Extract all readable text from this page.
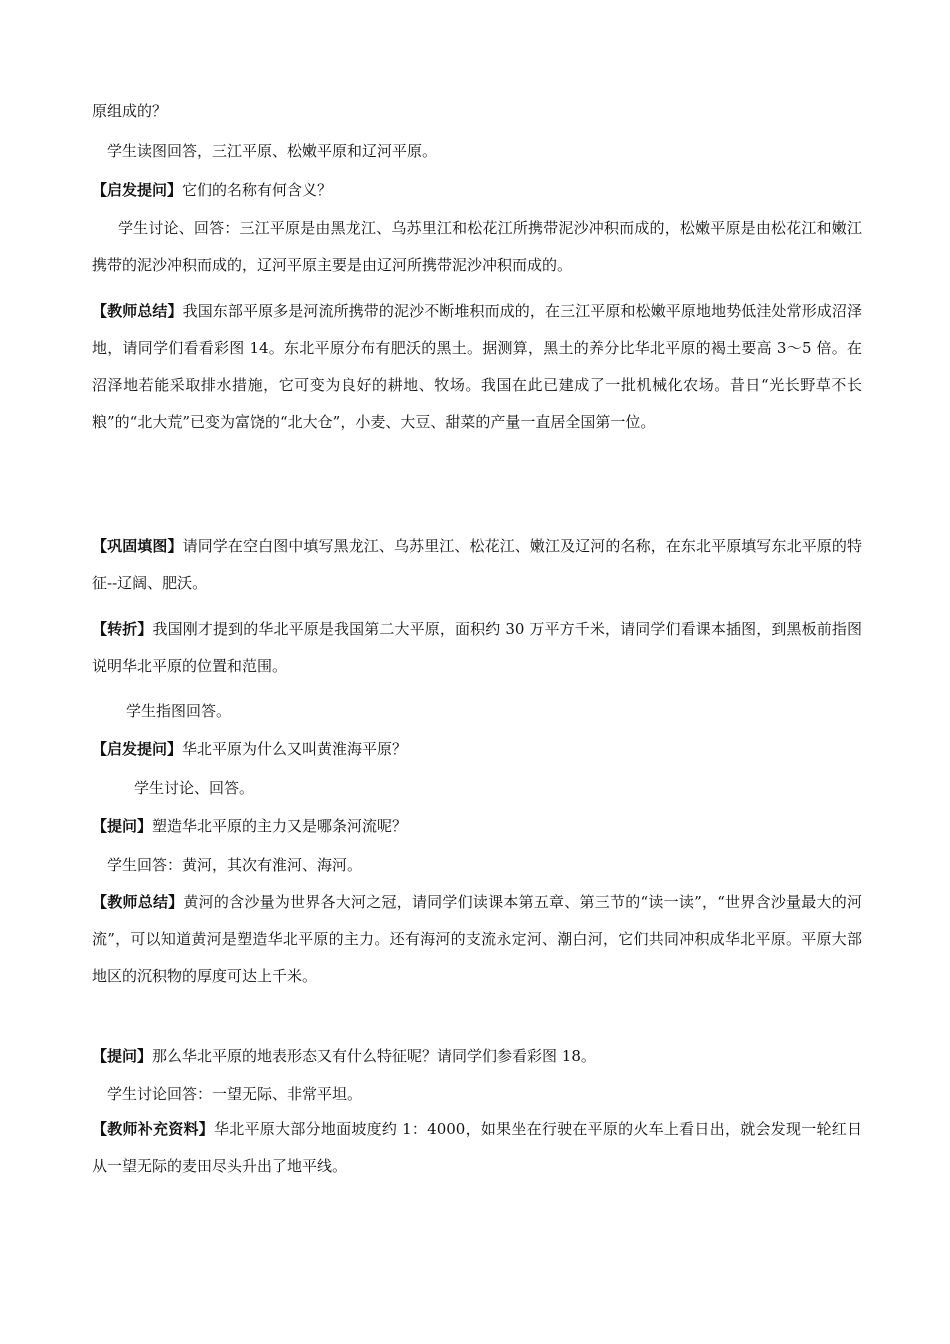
原组成的？

学生读图回答，三江平原、松嫩平原和辽河平原。

【启发提问】它们的名称有何含义？

学生讨论、回答：三江平原是由黑龙江、乌苏里江和松花江所携带泥沙冲积而成的，松嫩平原是由松花江和嫩江携带的泥沙冲积而成的，辽河平原主要是由辽河所携带泥沙冲积而成的。

【教师总结】我国东部平原多是河流所携带的泥沙不断堆积而成的，在三江平原和松嫩平原地地势低洼处常形成沼泽地，请同学们看看彩图 14。东北平原分布有肥沃的黑土。据测算，黑土的养分比华北平原的褐土要高 3～5 倍。在沼泽地若能采取排水措施，它可变为良好的耕地、牧场。我国在此已建成了一批机械化农场。昔日“光长野草不长粮”的“北大荒”已变为富饶的“北大仓”，小麦、大豆、甜菜的产量一直居全国第一位。

【巩固填图】请同学在空白图中填写黑龙江、乌苏里江、松花江、嫩江及辽河的名称，在东北平原填写东北平原的特征--辽阔、肥沃。

【转折】我国刚才提到的华北平原是我国第二大平原，面积约 30 万平方千米，请同学们看课本插图，到黑板前指图说明华北平原的位置和范围。

学生指图回答。

【启发提问】华北平原为什么又叫黄淮海平原？

学生讨论、回答。

【提问】塑造华北平原的主力又是哪条河流呢？

学生回答：黄河，其次有淮河、海河。

【教师总结】黄河的含沙量为世界各大河之冠，请同学们读课本第五章、第三节的“读一读”，“世界含沙量最大的河流”，可以知道黄河是塑造华北平原的主力。还有海河的支流永定河、潮白河，它们共同冲积成华北平原。平原大部地区的沉积物的厚度可达上千米。

【提问】那么华北平原的地表形态又有什么特征呢？请同学们参看彩图 18。

学生讨论回答：一望无际、非常平坦。

【教师补充资料】华北平原大部分地面坡度约 1：4000，如果坐在行驶在平原的火车上看日出，就会发现一轮红日从一望无际的麦田尽头升出了地平线。
